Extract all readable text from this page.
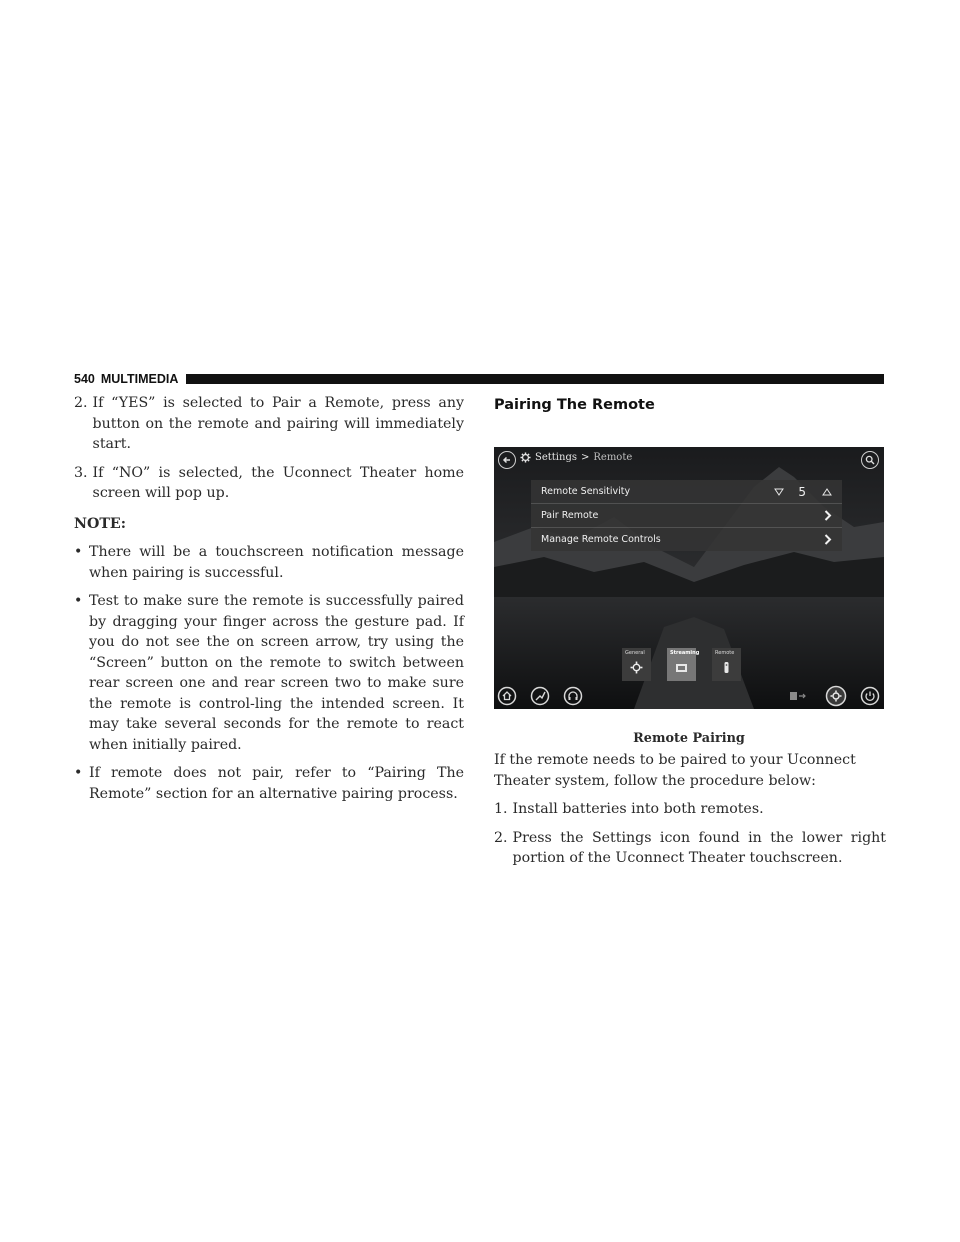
540 MULTIMEDIA
2. If “YES” is selected to Pair a Remote, press any button on the remote and pairing will immediately start.
3. If “NO” is selected, the Uconnect Theater home screen will pop up.
NOTE:
• There will be a touchscreen notification message when pairing is successful.
• Test to make sure the remote is successfully paired by dragging your finger across the gesture pad. If you do not see the on screen arrow, try using the “Screen” button on the remote to switch between rear screen one and rear screen two to make sure the remote is control-ling the intended screen. It may take several seconds for the remote to react when initially paired.
• If remote does not pair, refer to “Pairing The Remote” section for an alternative pairing process.
Pairing The Remote
Settings > Remote
Remote Sensitivity	5
Pair Remote
Manage Remote Controls
General	Streaming	Remote
Remote Pairing
If the remote needs to be paired to your Uconnect Theater system, follow the procedure below:
1. Install batteries into both remotes.
2. Press the Settings icon found in the lower right portion of the Uconnect Theater touchscreen.
